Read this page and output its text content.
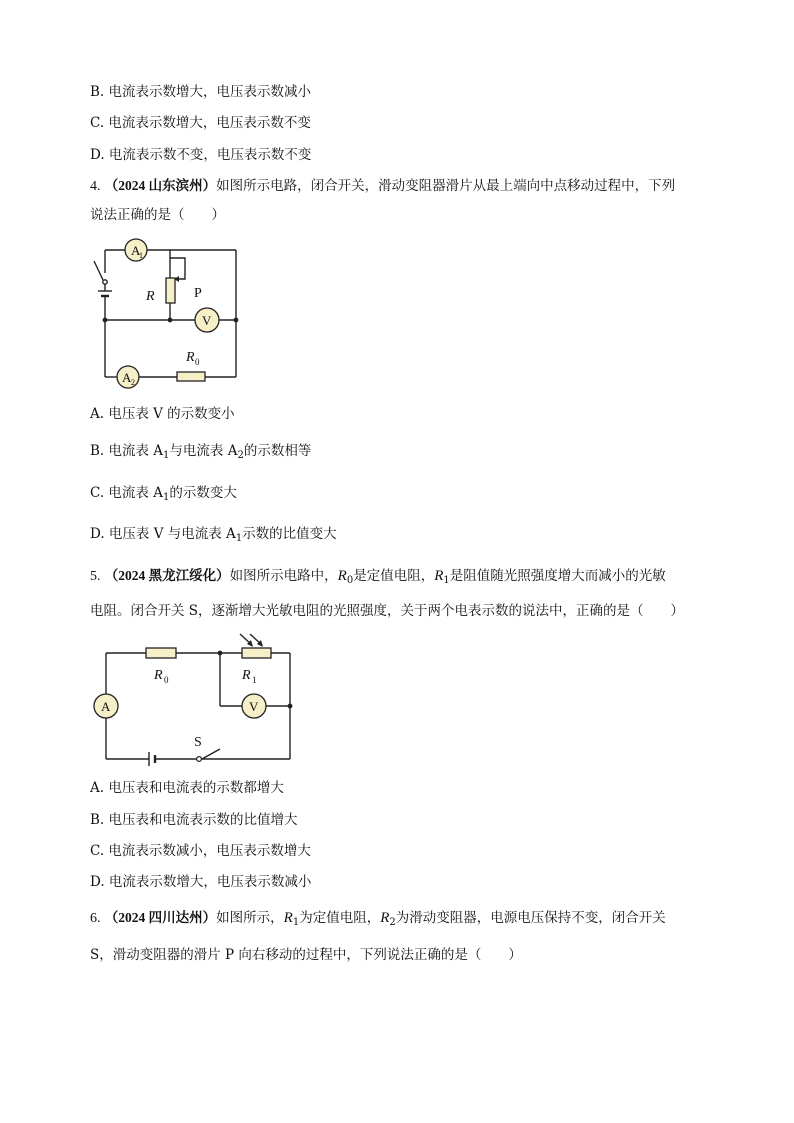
B. 电流表示数增大，电压表示数减小
C. 电流表示数增大，电压表示数不变
D. 电流表示数不变，电压表示数不变
4. （2024 山东滨州）如图所示电路，闭合开关，滑动变阻器滑片从最上端向中点移动过程中，下列
说法正确的是（　　）
A
1
V
A 2
R	P
R 0
A. 电压表 V 的示数变小
B. 电流表 $A_1$与电流表 $A_2$的示数相等
C. 电流表 $A_1$的示数变大
D. 电压表 V 与电流表 $A_1$示数的比值变大
5. （2024 黑龙江绥化）如图所示电路中，$R_0$是定值电阻，$R_1$是阻值随光照强度增大而减小的光敏
电阻。闭合开关 S，逐渐增大光敏电阻的光照强度，关于两个电表示数的说法中，正确的是（　　）
A	V
R 0	R 1
S
A. 电压表和电流表的示数都增大
B. 电压表和电流表示数的比值增大
C. 电流表示数减小，电压表示数增大
D. 电流表示数增大，电压表示数减小
6. （2024 四川达州）如图所示，$R_1$为定值电阻，$R_2$为滑动变阻器，电源电压保持不变，闭合开关
S，滑动变阻器的滑片 P 向右移动的过程中，下列说法正确的是（　　）
